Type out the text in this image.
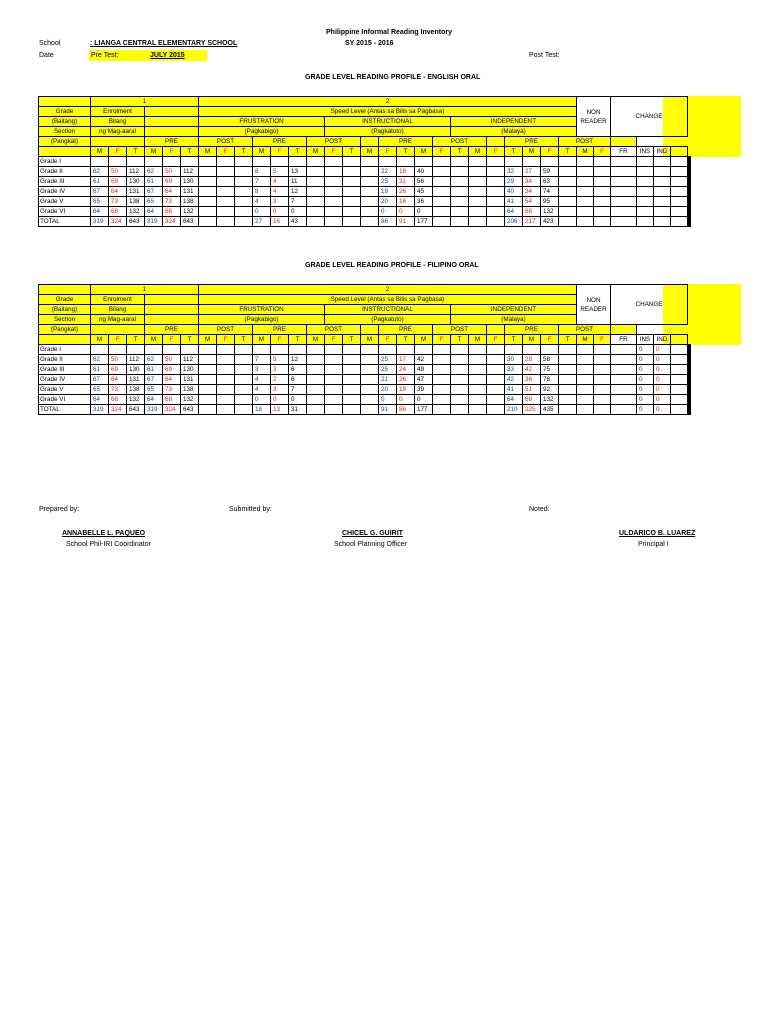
Philippine Informal Reading Inventory
School	: LIANGA CENTRAL ELEMENTARY SCHOOL	SY 2015 - 2016
Date	Pre Test:	JULY 2015	Post Test:
GRADE LEVEL READING PROFILE - ENGLISH ORAL
	1						2																					NON
READER		CHANGE					
Grade	Enrolment						Speed Level (Antas sa Bilis sa Pagbasa)																												
(Baitang)	Bilang						FRUSTRATION							INSTRUCTIONAL							INDEPENDENT														
Section	ng Mag-aaral						(Pagkabigo)							(Pagkatuto)							(Malaya)														
(Pangkat)				PRE			POST			PRE			POST				PRE			POST				PRE			POST								
	M	F	T	M	F	T	M	F	T	M	F	T	M	F	T	M	F	T	M	F	T	M	F	T	M	F	T	M	F	FR	INS	IND			
Grade I																																				
Grade II	62	50	112	62	50	112				8	5	13					22	18	40					32	27	59										
Grade III	61	69	130	61	69	130				7	4	11					25	31	56					29	34	63										
Grade IV	67	64	131	67	64	131				8	4	12					19	26	45					40	34	74										
Grade V	65	73	138	65	73	138				4	3	7					20	16	36					41	54	95										
Grade VI	64	68	132	64	68	132				0	0	0					0	0	0					64	68	132										
TOTAL	319	324	643	319	324	643				27	16	43					86	91	177					206	217	423										
GRADE LEVEL READING PROFILE - FILIPINO ORAL
	1						2																					NON
READER		CHANGE					
Grade	Enrolment						Speed Level (Antas sa Bilis sa Pagbasa)																												
(Baitang)	Bilang						FRUSTRATION							INSTRUCTIONAL							INDEPENDENT														
Section	ng Mag-aaral						(Pagkabigo)							(Pagkatuto)							(Malaya)														
(Pangkat)				PRE			POST			PRE			POST				PRE			POST				PRE			POST								
	M	F	T	M	F	T	M	F	T	M	F	T	M	F	T	M	F	T	M	F	T	M	F	T	M	F	T	M	F	FR	INS	IND			
Grade I																															0	0				
Grade II	62	50	112	62	50	112				7	5	12					25	17	42					30	28	58					0	0				
Grade III	61	69	130	61	69	130				3	3	6					25	24	49					33	42	75					0	0				
Grade IV	67	64	131	67	64	131				4	2	6					21	26	47					42	36	78					0	0				
Grade V	65	73	138	65	73	138				4	3	7					20	19	39					41	51	92					0	0				
Grade VI	64	68	132	64	68	132				0	0	0					0	0	0					64	68	132					0	0				
TOTAL	319	324	643	319	324	643				18	13	31					91	86	177					210	225	435					0	0				
Prepared by:	Submitted by:	Noted:
ANNABELLE L. PAQUEO
School Phil-IRI Coordinator
CHICEL G. GUIRIT
School Planning Officer
ULDARICO B. LUAREZ
Principal I
